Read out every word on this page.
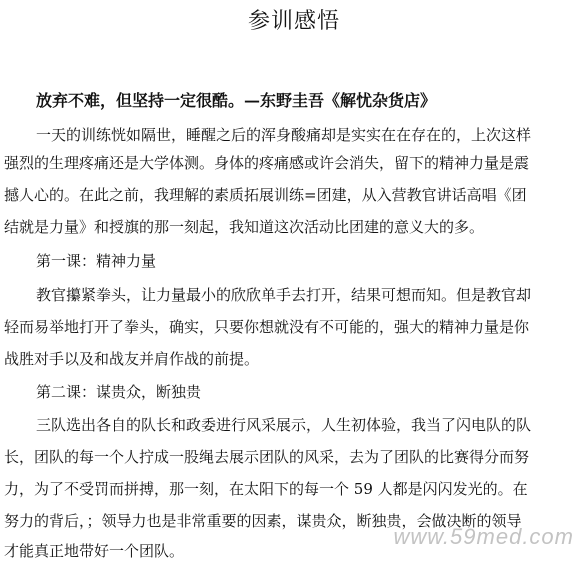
参训感悟
放弃不难，但坚持一定很酷。—东野圭吾《解忧杂货店》
一天的训练恍如隔世，睡醒之后的浑身酸痛却是实实在在存在的，上次这样
强烈的生理疼痛还是大学体测。身体的疼痛感或许会消失，留下的精神力量是震
撼人心的。在此之前，我理解的素质拓展训练=团建，从入营教官讲话高唱《团
结就是力量》和授旗的那一刻起，我知道这次活动比团建的意义大的多。
第一课：精神力量
教官攥紧拳头，让力量最小的欣欣单手去打开，结果可想而知。但是教官却
轻而易举地打开了拳头，确实，只要你想就没有不可能的，强大的精神力量是你
战胜对手以及和战友并肩作战的前提。
第二课：谋贵众，断独贵
三队选出各自的队长和政委进行风采展示，人生初体验，我当了闪电队的队
长，团队的每一个人拧成一股绳去展示团队的风采，去为了团队的比赛得分而努
力，为了不受罚而拼搏，那一刻，在太阳下的每一个 59 人都是闪闪发光的。在
努力的背后，；领导力也是非常重要的因素，谋贵众，断独贵，会做决断的领导
才能真正地带好一个团队。
www.59med.com
